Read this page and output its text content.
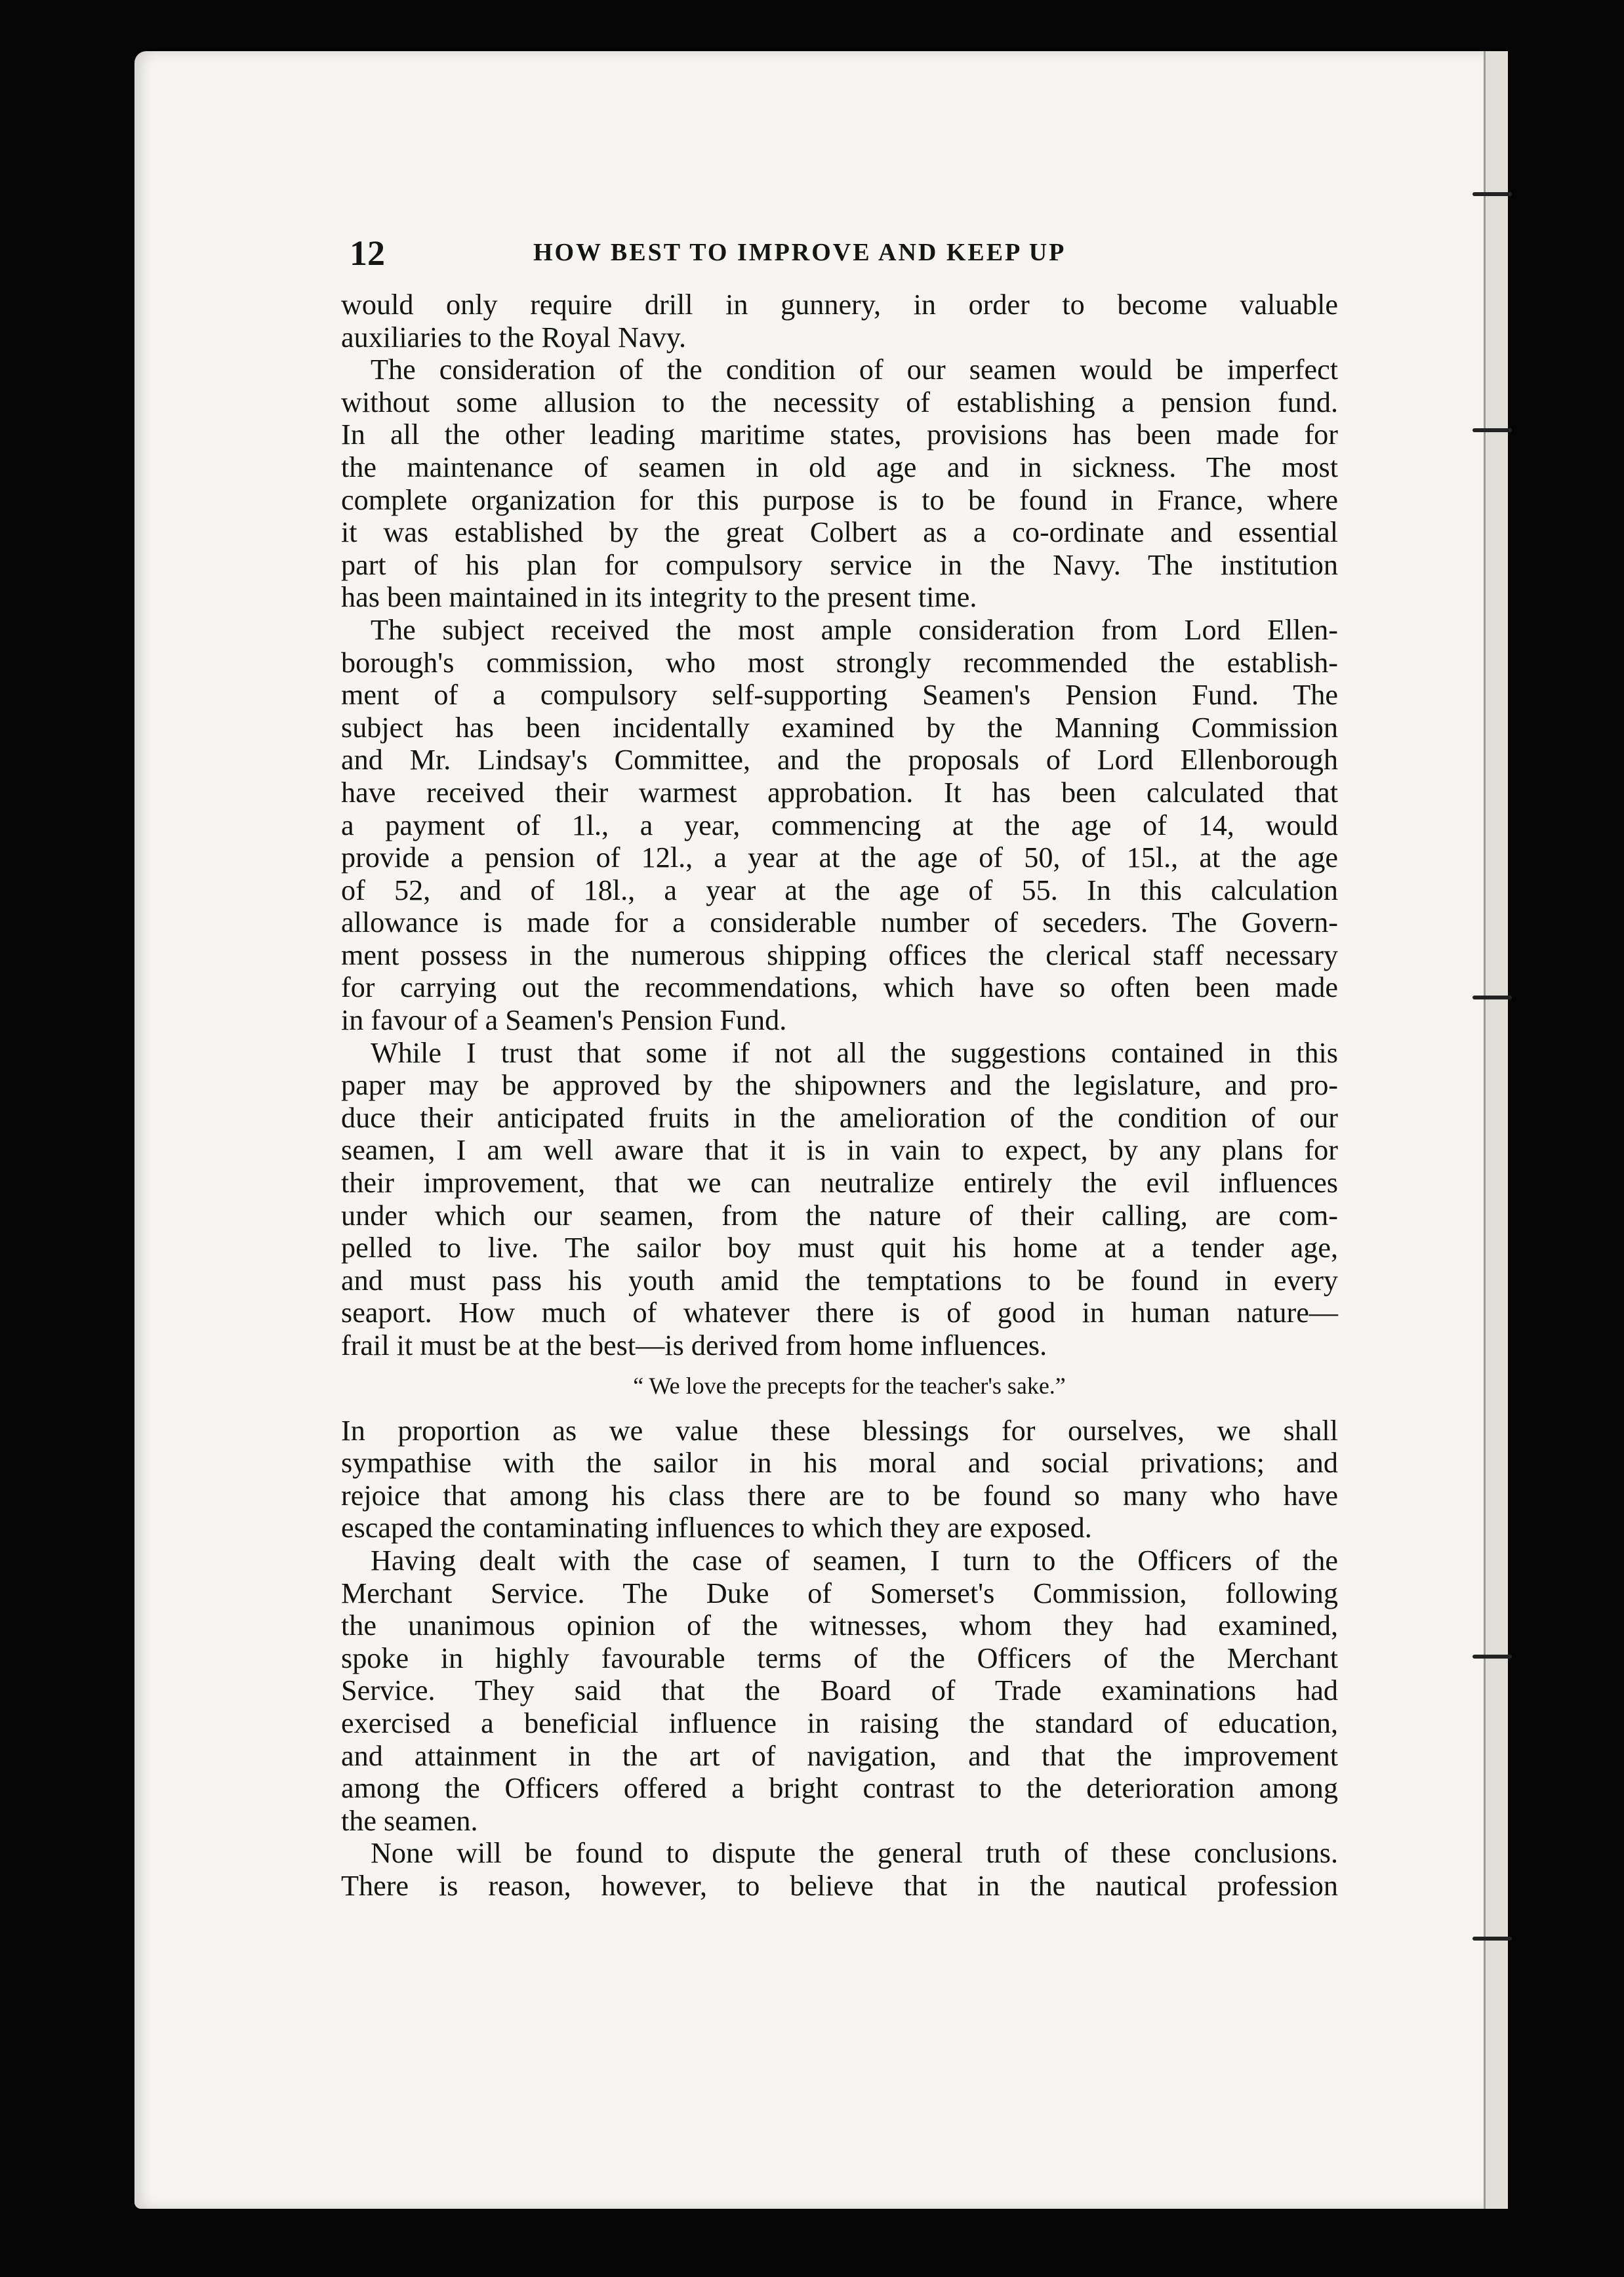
12	HOW BEST TO IMPROVE AND KEEP UP
would only require drill in gunnery, in order to become valuable
auxiliaries to the Royal Navy.
The consideration of the condition of our seamen would be imperfect
without some allusion to the necessity of establishing a pension fund.
In all the other leading maritime states, provisions has been made for
the maintenance of seamen in old age and in sickness. The most
complete organization for this purpose is to be found in France, where
it was established by the great Colbert as a co-ordinate and essential
part of his plan for compulsory service in the Navy. The institution
has been maintained in its integrity to the present time.
The subject received the most ample consideration from Lord Ellen-
borough's commission, who most strongly recommended the establish-
ment of a compulsory self-supporting Seamen's Pension Fund. The
subject has been incidentally examined by the Manning Commission
and Mr. Lindsay's Committee, and the proposals of Lord Ellenborough
have received their warmest approbation. It has been calculated that
a payment of 1l., a year, commencing at the age of 14, would
provide a pension of 12l., a year at the age of 50, of 15l., at the age
of 52, and of 18l., a year at the age of 55. In this calculation
allowance is made for a considerable number of seceders. The Govern-
ment possess in the numerous shipping offices the clerical staff necessary
for carrying out the recommendations, which have so often been made
in favour of a Seamen's Pension Fund.
While I trust that some if not all the suggestions contained in this
paper may be approved by the shipowners and the legislature, and pro-
duce their anticipated fruits in the amelioration of the condition of our
seamen, I am well aware that it is in vain to expect, by any plans for
their improvement, that we can neutralize entirely the evil influences
under which our seamen, from the nature of their calling, are com-
pelled to live. The sailor boy must quit his home at a tender age,
and must pass his youth amid the temptations to be found in every
seaport. How much of whatever there is of good in human nature—
frail it must be at the best—is derived from home influences.
“ We love the precepts for the teacher's sake.”
In proportion as we value these blessings for ourselves, we shall
sympathise with the sailor in his moral and social privations; and
rejoice that among his class there are to be found so many who have
escaped the contaminating influences to which they are exposed.
Having dealt with the case of seamen, I turn to the Officers of the
Merchant Service. The Duke of Somerset's Commission, following
the unanimous opinion of the witnesses, whom they had examined,
spoke in highly favourable terms of the Officers of the Merchant
Service. They said that the Board of Trade examinations had
exercised a beneficial influence in raising the standard of education,
and attainment in the art of navigation, and that the improvement
among the Officers offered a bright contrast to the deterioration among
the seamen.
None will be found to dispute the general truth of these conclusions.
There is reason, however, to believe that in the nautical profession
